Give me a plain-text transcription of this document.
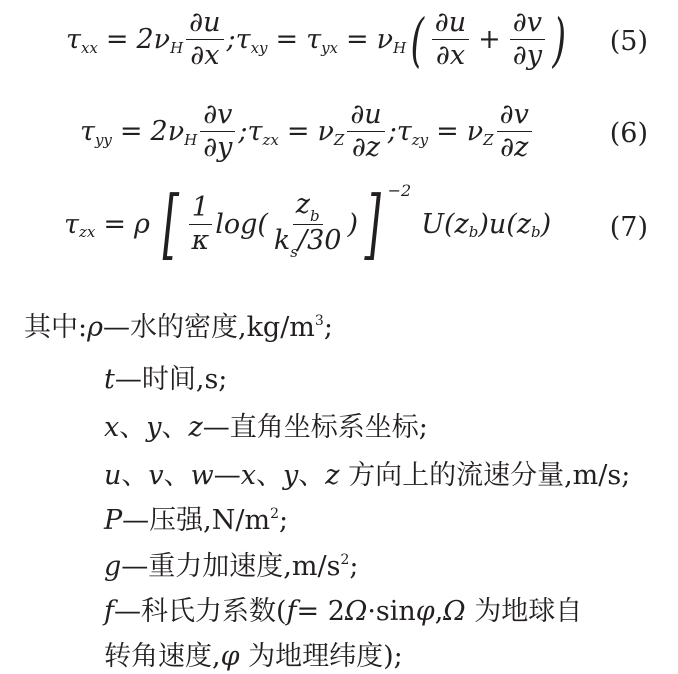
τ xx = 2ν H $\frac{\partial u}{\partial x}$ ; τ xy = τ yx = ν H ( $\frac{\partial u}{\partial x} + \frac{\partial v}{\partial y}$ ) (5)
τ yy = 2ν H $\frac{\partial v}{\partial y}$ ; τ zx = ν Z $\frac{\partial u}{\partial z}$ ; τ zy = ν Z $\frac{\partial v}{\partial z}$	(6)
τ zx = ρ [ $\frac{1}{\kappa} \log( \frac{z_b}{k_s/30}$ ) ] −2
U(z b )u(z b ) (7)
其中:ρ—水的密度$,kg/m^3$;
t—时间,s;
x、y、z—直角坐标系坐标;
u、v、w—x、y、z 方向上的流速分量,m/s;
P—压强$,N/m^2$;
g—重力加速度$,m/s^2$;
f—科氏力系数(f= 2Ω·sinφ,Ω 为地球自
转角速度,φ 为地理纬度);
